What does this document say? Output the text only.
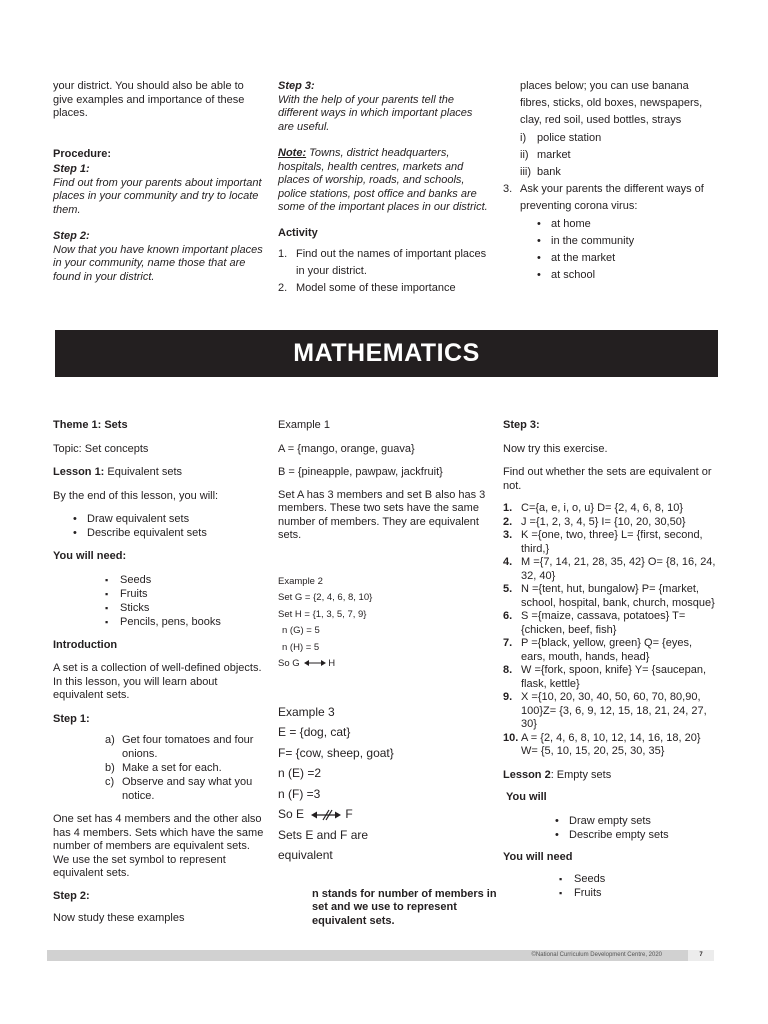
your district. You should also be able to give examples and importance of these places.

Procedure:

Step 1:

Find out from your parents about important places in your community and try to locate them.

Step 2:

Now that you have known important places in your community, name those that are found in your district.

Step 3:

With the help of your parents tell the different ways in which important places are useful.

Note: Towns, district headquarters, hospitals, health centres, markets and places of worship, roads, and schools, police stations, post office and banks are some of the important places in our district.

Activity

1. Find out the names of important places in your district.
2. Model some of these importance

places below; you can use banana fibres, sticks, old boxes, newspapers, clay, red soil, used bottles, strays

i) police station
ii) market
iii) bank
3. Ask your parents the different ways of preventing corona virus:
• at home
• in the community
• at the market
• at school
MATHEMATICS

Theme 1: Sets

Topic: Set concepts

Lesson 1: Equivalent sets

By the end of this lesson, you will:

• Draw equivalent sets
• Describe equivalent sets

You will need:

▪ Seeds
▪ Fruits
▪ Sticks
▪ Pencils, pens, books

Introduction

A set is a collection of well-defined objects. In this lesson, you will learn about equivalent sets.

Step 1:

a) Get four tomatoes and four onions.
b) Make a set for each.
c) Observe and say what you notice.

One set has 4 members and the other also has 4 members. Sets which have the same number of members are equivalent sets. We use the set symbol to represent equivalent sets.

Step 2:

Now study these examples

Example 1

A = {mango, orange, guava}

B = {pineapple, pawpaw, jackfruit}

Set A has 3 members and set B also has 3 members. These two sets have the same number of members. They are equivalent sets.

Example 2

Set G = {2, 4, 6, 8, 10}

Set H = {1, 3, 5, 7, 9}

n (G) = 5

n (H) = 5

So G	H

Example 3

E = {dog, cat}

F= {cow, sheep, goat}

n (E) =2

n (F) =3

So E	F

Sets E and F are

equivalent

n stands for number of members in set and we use to represent equivalent sets.

Step 3:

Now try this exercise.

Find out whether the sets are equivalent or not.

1. C={a, e, i, o, u} D= {2, 4, 6, 8, 10}
2. J ={1, 2, 3, 4, 5} I= {10, 20, 30,50}
3. K ={one, two, three} L= {first, second, third,}
4. M ={7, 14, 21, 28, 35, 42} O= {8, 16, 24, 32, 40}
5. N ={tent, hut, bungalow} P= {market, school, hospital, bank, church, mosque}
6. S ={maize, cassava, potatoes} T= {chicken, beef, fish}
7. P ={black, yellow, green} Q= {eyes, ears, mouth, hands, head}
8. W ={fork, spoon, knife} Y= {saucepan, flask, kettle}
9. X ={10, 20, 30, 40, 50, 60, 70, 80,90, 100}Z= {3, 6, 9, 12, 15, 18, 21, 24, 27, 30}
10. A = {2, 4, 6, 8, 10, 12, 14, 16, 18, 20} W= {5, 10, 15, 20, 25, 30, 35}

Lesson 2: Empty sets

You will

• Draw empty sets
• Describe empty sets

You will need

▪ Seeds
▪ Fruits
©National Curriculum Development Centre, 2020	7
